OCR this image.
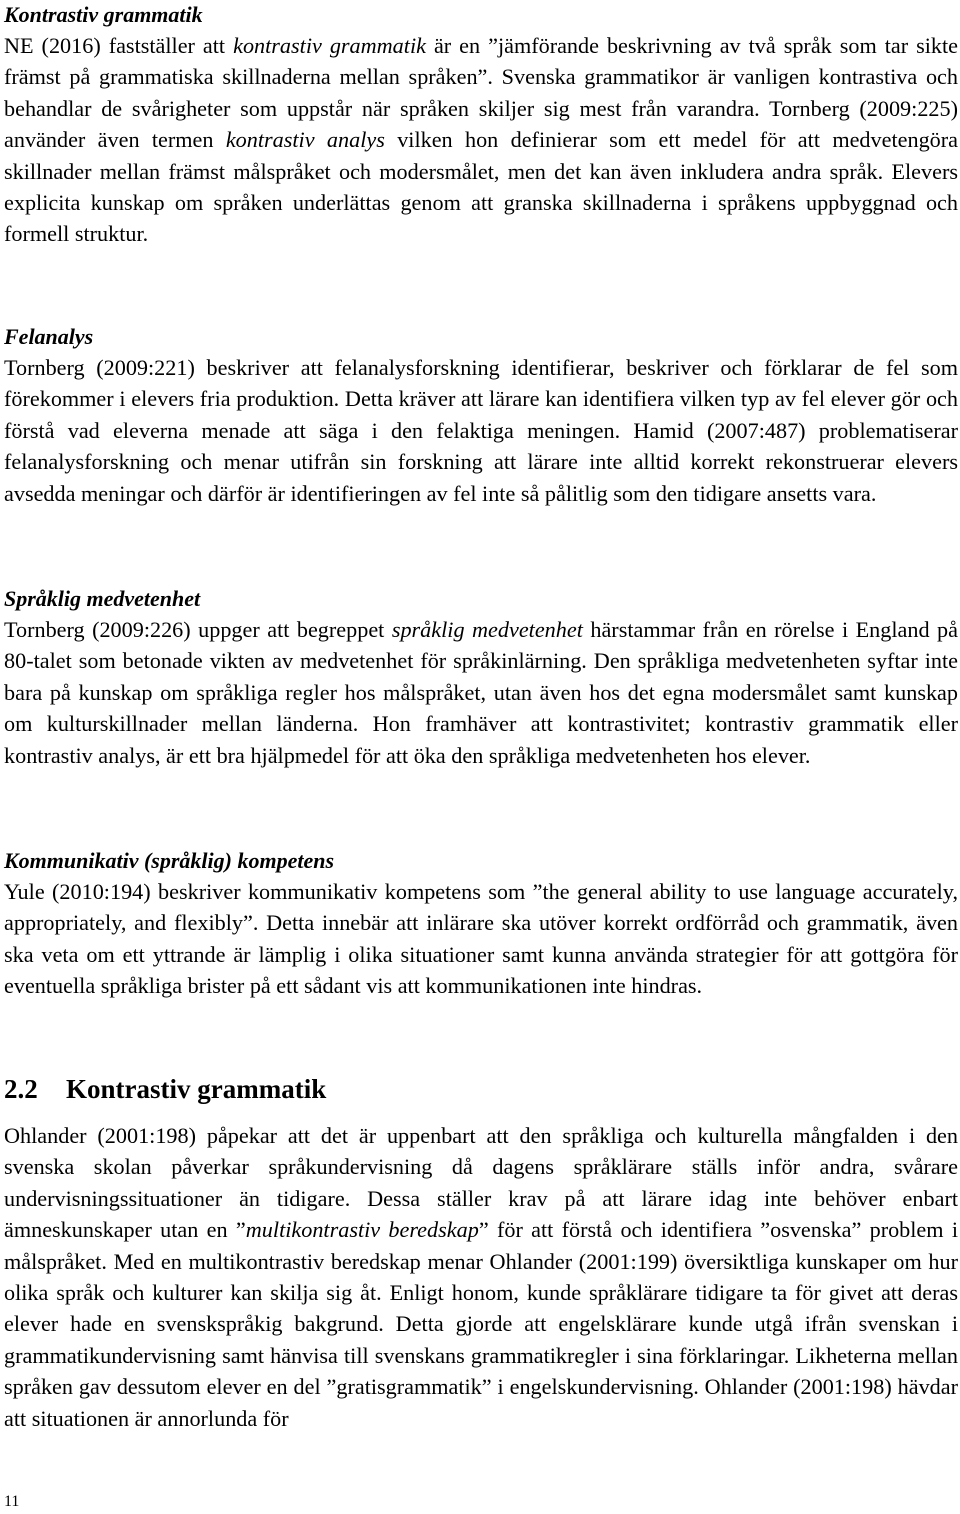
Kontrastiv grammatik

NE (2016) fastställer att kontrastiv grammatik är en ”jämförande beskrivning av två språk som tar sikte främst på grammatiska skillnaderna mellan språken”. Svenska grammatikor är vanligen kontrastiva och behandlar de svårigheter som uppstår när språken skiljer sig mest från varandra. Tornberg (2009:225) använder även termen kontrastiv analys vilken hon definierar som ett medel för att medvetengöra skillnader mellan främst målspråket och modersmålet, men det kan även inkludera andra språk. Elevers explicita kunskap om språken underlättas genom att granska skillnaderna i språkens uppbyggnad och formell struktur.

Felanalys

Tornberg (2009:221) beskriver att felanalysforskning identifierar, beskriver och förklarar de fel som förekommer i elevers fria produktion. Detta kräver att lärare kan identifiera vilken typ av fel elever gör och förstå vad eleverna menade att säga i den felaktiga meningen. Hamid (2007:487) problematiserar felanalysforskning och menar utifrån sin forskning att lärare inte alltid korrekt rekonstruerar elevers avsedda meningar och därför är identifieringen av fel inte så pålitlig som den tidigare ansetts vara.

Språklig medvetenhet

Tornberg (2009:226) uppger att begreppet språklig medvetenhet härstammar från en rörelse i England på 80-talet som betonade vikten av medvetenhet för språkinlärning. Den språkliga medvetenheten syftar inte bara på kunskap om språkliga regler hos målspråket, utan även hos det egna modersmålet samt kunskap om kulturskillnader mellan länderna. Hon framhäver att kontrastivitet; kontrastiv grammatik eller kontrastiv analys, är ett bra hjälpmedel för att öka den språkliga medvetenheten hos elever.

Kommunikativ (språklig) kompetens

Yule (2010:194) beskriver kommunikativ kompetens som ”the general ability to use language accurately, appropriately, and flexibly”. Detta innebär att inlärare ska utöver korrekt ordförråd och grammatik, även ska veta om ett yttrande är lämplig i olika situationer samt kunna använda strategier för att gottgöra för eventuella språkliga brister på ett sådant vis att kommunikationen inte hindras.

2.2 Kontrastiv grammatik

Ohlander (2001:198) påpekar att det är uppenbart att den språkliga och kulturella mångfalden i den svenska skolan påverkar språkundervisning då dagens språklärare ställs inför andra, svårare undervisningssituationer än tidigare. Dessa ställer krav på att lärare idag inte behöver enbart ämneskunskaper utan en ”multikontrastiv beredskap” för att förstå och identifiera ”osvenska” problem i målspråket. Med en multikontrastiv beredskap menar Ohlander (2001:199) översiktliga kunskaper om hur olika språk och kulturer kan skilja sig åt. Enligt honom, kunde språklärare tidigare ta för givet att deras elever hade en svenskspråkig bakgrund. Detta gjorde att engelsklärare kunde utgå ifrån svenskan i grammatikundervisning samt hänvisa till svenskans grammatikregler i sina förklaringar. Likheterna mellan språken gav dessutom elever en del ”gratisgrammatik” i engelskundervisning. Ohlander (2001:198) hävdar att situationen är annorlunda för

11
